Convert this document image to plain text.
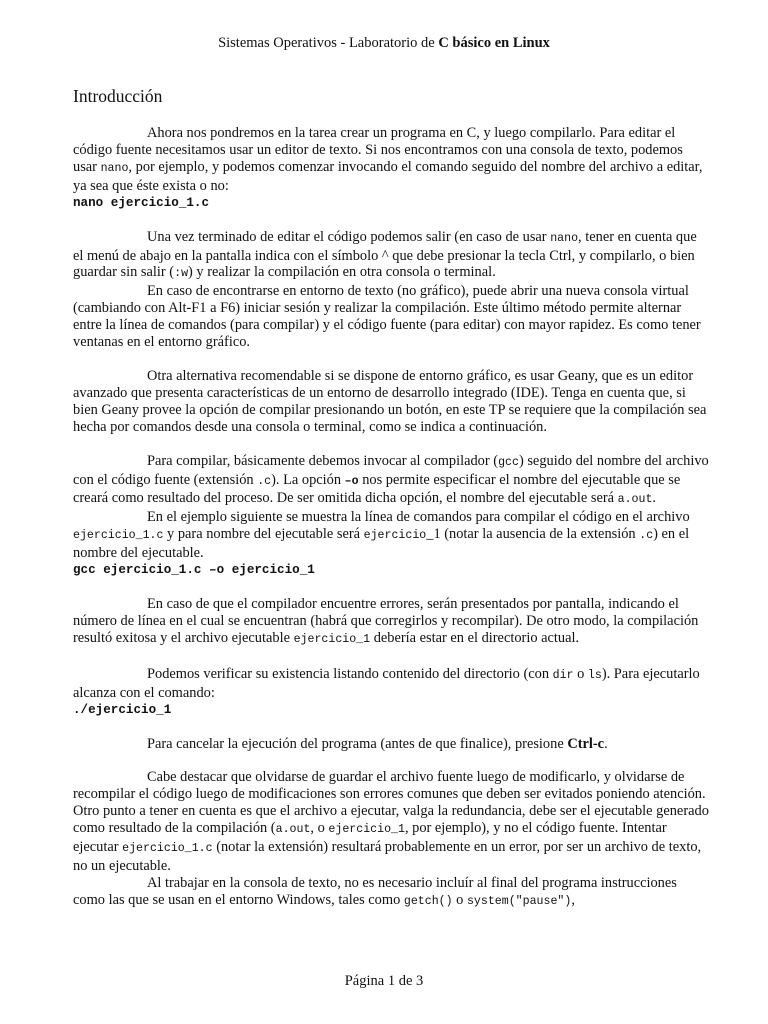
Sistemas Operativos - Laboratorio de C básico en Linux
Introducción

Ahora nos pondremos en la tarea crear un programa en C, y luego compilarlo. Para editar el código fuente necesitamos usar un editor de texto. Si nos encontramos con una consola de texto, podemos usar nano, por ejemplo, y podemos comenzar invocando el comando seguido del nombre del archivo a editar, ya sea que éste exista o no:

nano ejercicio_1.c

Una vez terminado de editar el código podemos salir (en caso de usar nano, tener en cuenta que el menú de abajo en la pantalla indica con el símbolo ^ que debe presionar la tecla Ctrl, y compilarlo, o bien guardar sin salir (:w) y realizar la compilación en otra consola o terminal.

En caso de encontrarse en entorno de texto (no gráfico), puede abrir una nueva consola virtual (cambiando con Alt-F1 a F6) iniciar sesión y realizar la compilación. Este último método permite alternar entre la línea de comandos (para compilar) y el código fuente (para editar) con mayor rapidez. Es como tener ventanas en el entorno gráfico.

Otra alternativa recomendable si se dispone de entorno gráfico, es usar Geany, que es un editor avanzado que presenta características de un entorno de desarrollo integrado (IDE). Tenga en cuenta que, si bien Geany provee la opción de compilar presionando un botón, en este TP se requiere que la compilación sea hecha por comandos desde una consola o terminal, como se indica a continuación.

Para compilar, básicamente debemos invocar al compilador (gcc) seguido del nombre del archivo con el código fuente (extensión .c). La opción –o nos permite especificar el nombre del ejecutable que se creará como resultado del proceso. De ser omitida dicha opción, el nombre del ejecutable será a.out.

En el ejemplo siguiente se muestra la línea de comandos para compilar el código en el archivo ejercicio_1.c y para nombre del ejecutable será ejercicio_1 (notar la ausencia de la extensión .c) en el nombre del ejecutable.

gcc ejercicio_1.c –o ejercicio_1

En caso de que el compilador encuentre errores, serán presentados por pantalla, indicando el número de línea en el cual se encuentran (habrá que corregirlos y recompilar). De otro modo, la compilación resultó exitosa y el archivo ejecutable ejercicio_1 debería estar en el directorio actual.

Podemos verificar su existencia listando contenido del directorio (con dir o ls). Para ejecutarlo alcanza con el comando:

./ejercicio_1

Para cancelar la ejecución del programa (antes de que finalice), presione Ctrl-c.

Cabe destacar que olvidarse de guardar el archivo fuente luego de modificarlo, y olvidarse de recompilar el código luego de modificaciones son errores comunes que deben ser evitados poniendo atención. Otro punto a tener en cuenta es que el archivo a ejecutar, valga la redundancia, debe ser el ejecutable generado como resultado de la compilación (a.out, o ejercicio_1, por ejemplo), y no el código fuente. Intentar ejecutar ejercicio_1.c (notar la extensión) resultará probablemente en un error, por ser un archivo de texto, no un ejecutable.

Al trabajar en la consola de texto, no es necesario incluír al final del programa instrucciones como las que se usan en el entorno Windows, tales como getch() o system("pause"),

Página 1 de 3
